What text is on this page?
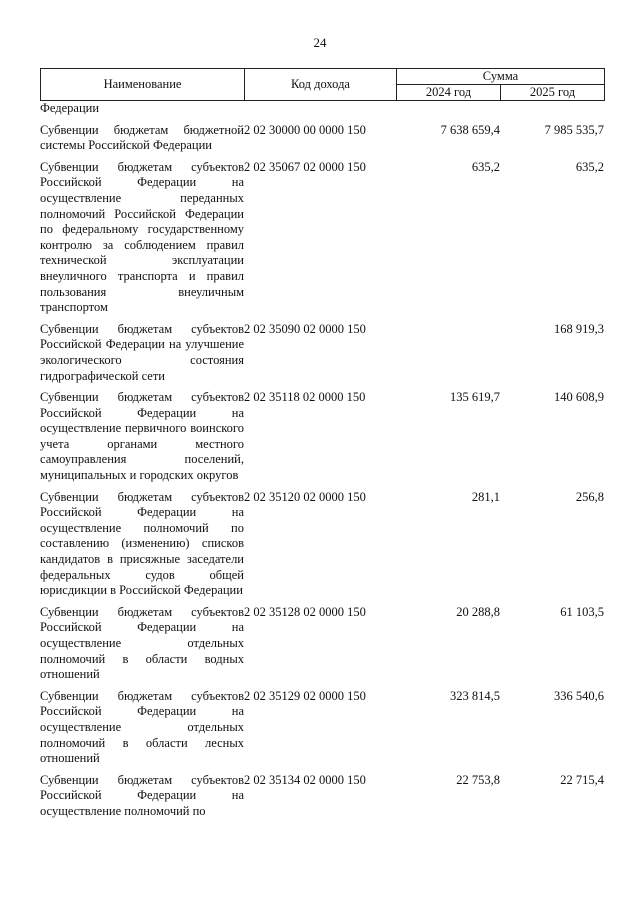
24
Наименование	Код дохода	Сумма	
		2024 год	2025 год
Федерации			

Субвенции бюджетам бюджетной системы Российской Федерации	2 02 30000 00 0000 150	7 638 659,4	7 985 535,7

Субвенции бюджетам субъектов Российской Федерации на осуществление переданных полномочий Российской Федерации по федеральному государственному контролю за соблюдением правил технической эксплуатации внеуличного транспорта и правил пользования внеуличным транспортом	2 02 35067 02 0000 150	635,2	635,2

Субвенции бюджетам субъектов Российской Федерации на улучшение экологического состояния гидрографической сети	2 02 35090 02 0000 150		168 919,3

Субвенции бюджетам субъектов Российской Федерации на осуществление первичного воинского учета органами местного самоуправления поселений, муниципальных и городских округов	2 02 35118 02 0000 150	135 619,7	140 608,9

Субвенции бюджетам субъектов Российской Федерации на осуществление полномочий по составлению (изменению) списков кандидатов в присяжные заседатели федеральных судов общей юрисдикции в Российской Федерации	2 02 35120 02 0000 150	281,1	256,8

Субвенции бюджетам субъектов Российской Федерации на осуществление отдельных полномочий в области водных отношений	2 02 35128 02 0000 150	20 288,8	61 103,5

Субвенции бюджетам субъектов Российской Федерации на осуществление отдельных полномочий в области лесных отношений	2 02 35129 02 0000 150	323 814,5	336 540,6

Субвенции бюджетам субъектов Российской Федерации на осуществление полномочий по	2 02 35134 02 0000 150	22 753,8	22 715,4
